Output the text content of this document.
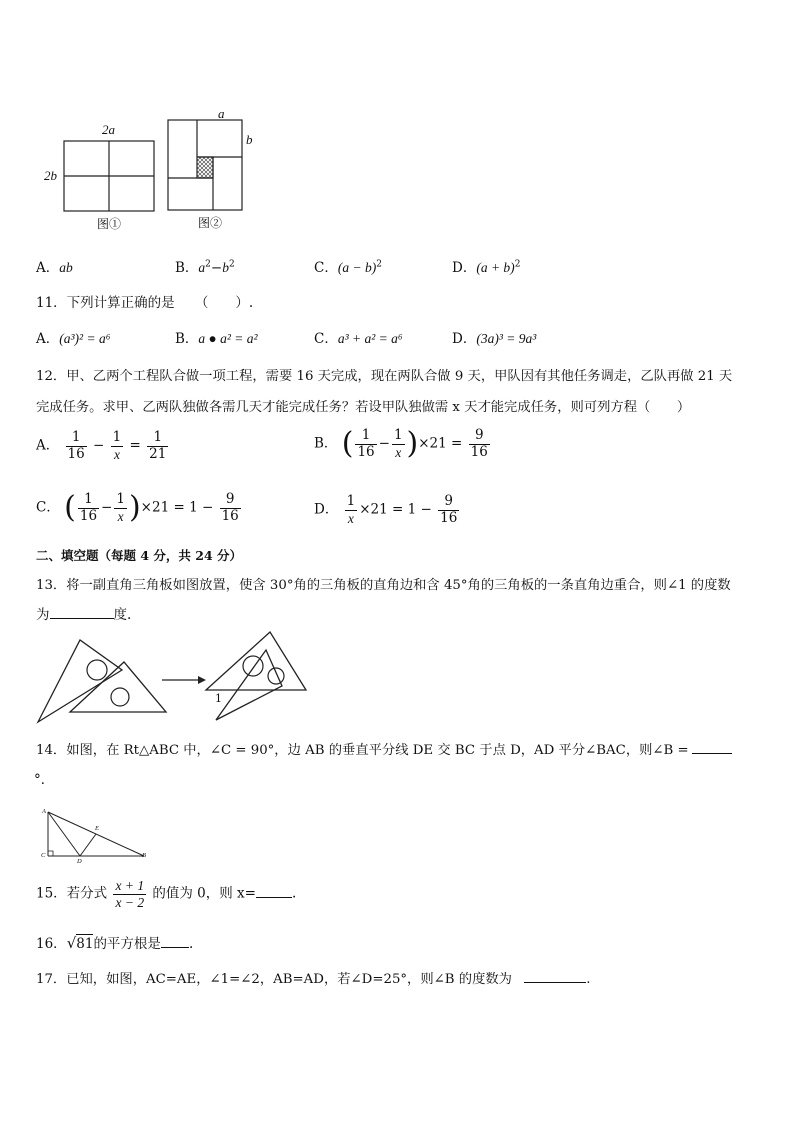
2a
2b
图①
a
b
图②
A．ab	B．$a^2-b^2$	C．$(a - b)^2$	D．$(a + b)^2$
11．下列计算正确的是　　（　　）.
A．(a³)² = a⁶	B．a ● a² = a²	C．a³ + a² = a⁶	D．(3a)³ = 9a³
12．甲、乙两个工程队合做一项工程，需要 16 天完成，现在两队合做 9 天，甲队因有其他任务调走，乙队再做 21 天
完成任务。求甲、乙两队独做各需几天才能完成任务？若设甲队独做需 x 天才能完成任务，则可列方程（　　）
A． $\frac{1}{16} - \frac{1}{x} = \frac{1}{21}$	B． ( $\frac{1}{16} - \frac{1}{x} )\times 21 = \frac{9}{16}$
C． ( $\frac{1}{16} - \frac{1}{x} )\times 21 = 1 - \frac{9}{16}$	D． $\frac{1}{x} \times 21 = 1 - \frac{9}{16}$
二、填空题（每题 4 分，共 24 分）
13．将一副直角三角板如图放置，使含 30°角的三角板的直角边和含 45°角的三角板的一条直角边重合，则∠1 的度数
为	度.
1
14．如图，在 Rt△ABC 中，∠C = 90°，边 AB 的垂直平分线 DE 交 BC 于点 D，AD 平分∠BAC，则∠B =
°．
A
C
D
E
B
15．若分式 $\frac{x + 1}{x - 2}$ 的值为 0，则 x=	.
16．√81的平方根是 .
17．已知，如图，AC=AE，∠1=∠2，AB=AD，若∠D=25°，则∠B 的度数为	.
